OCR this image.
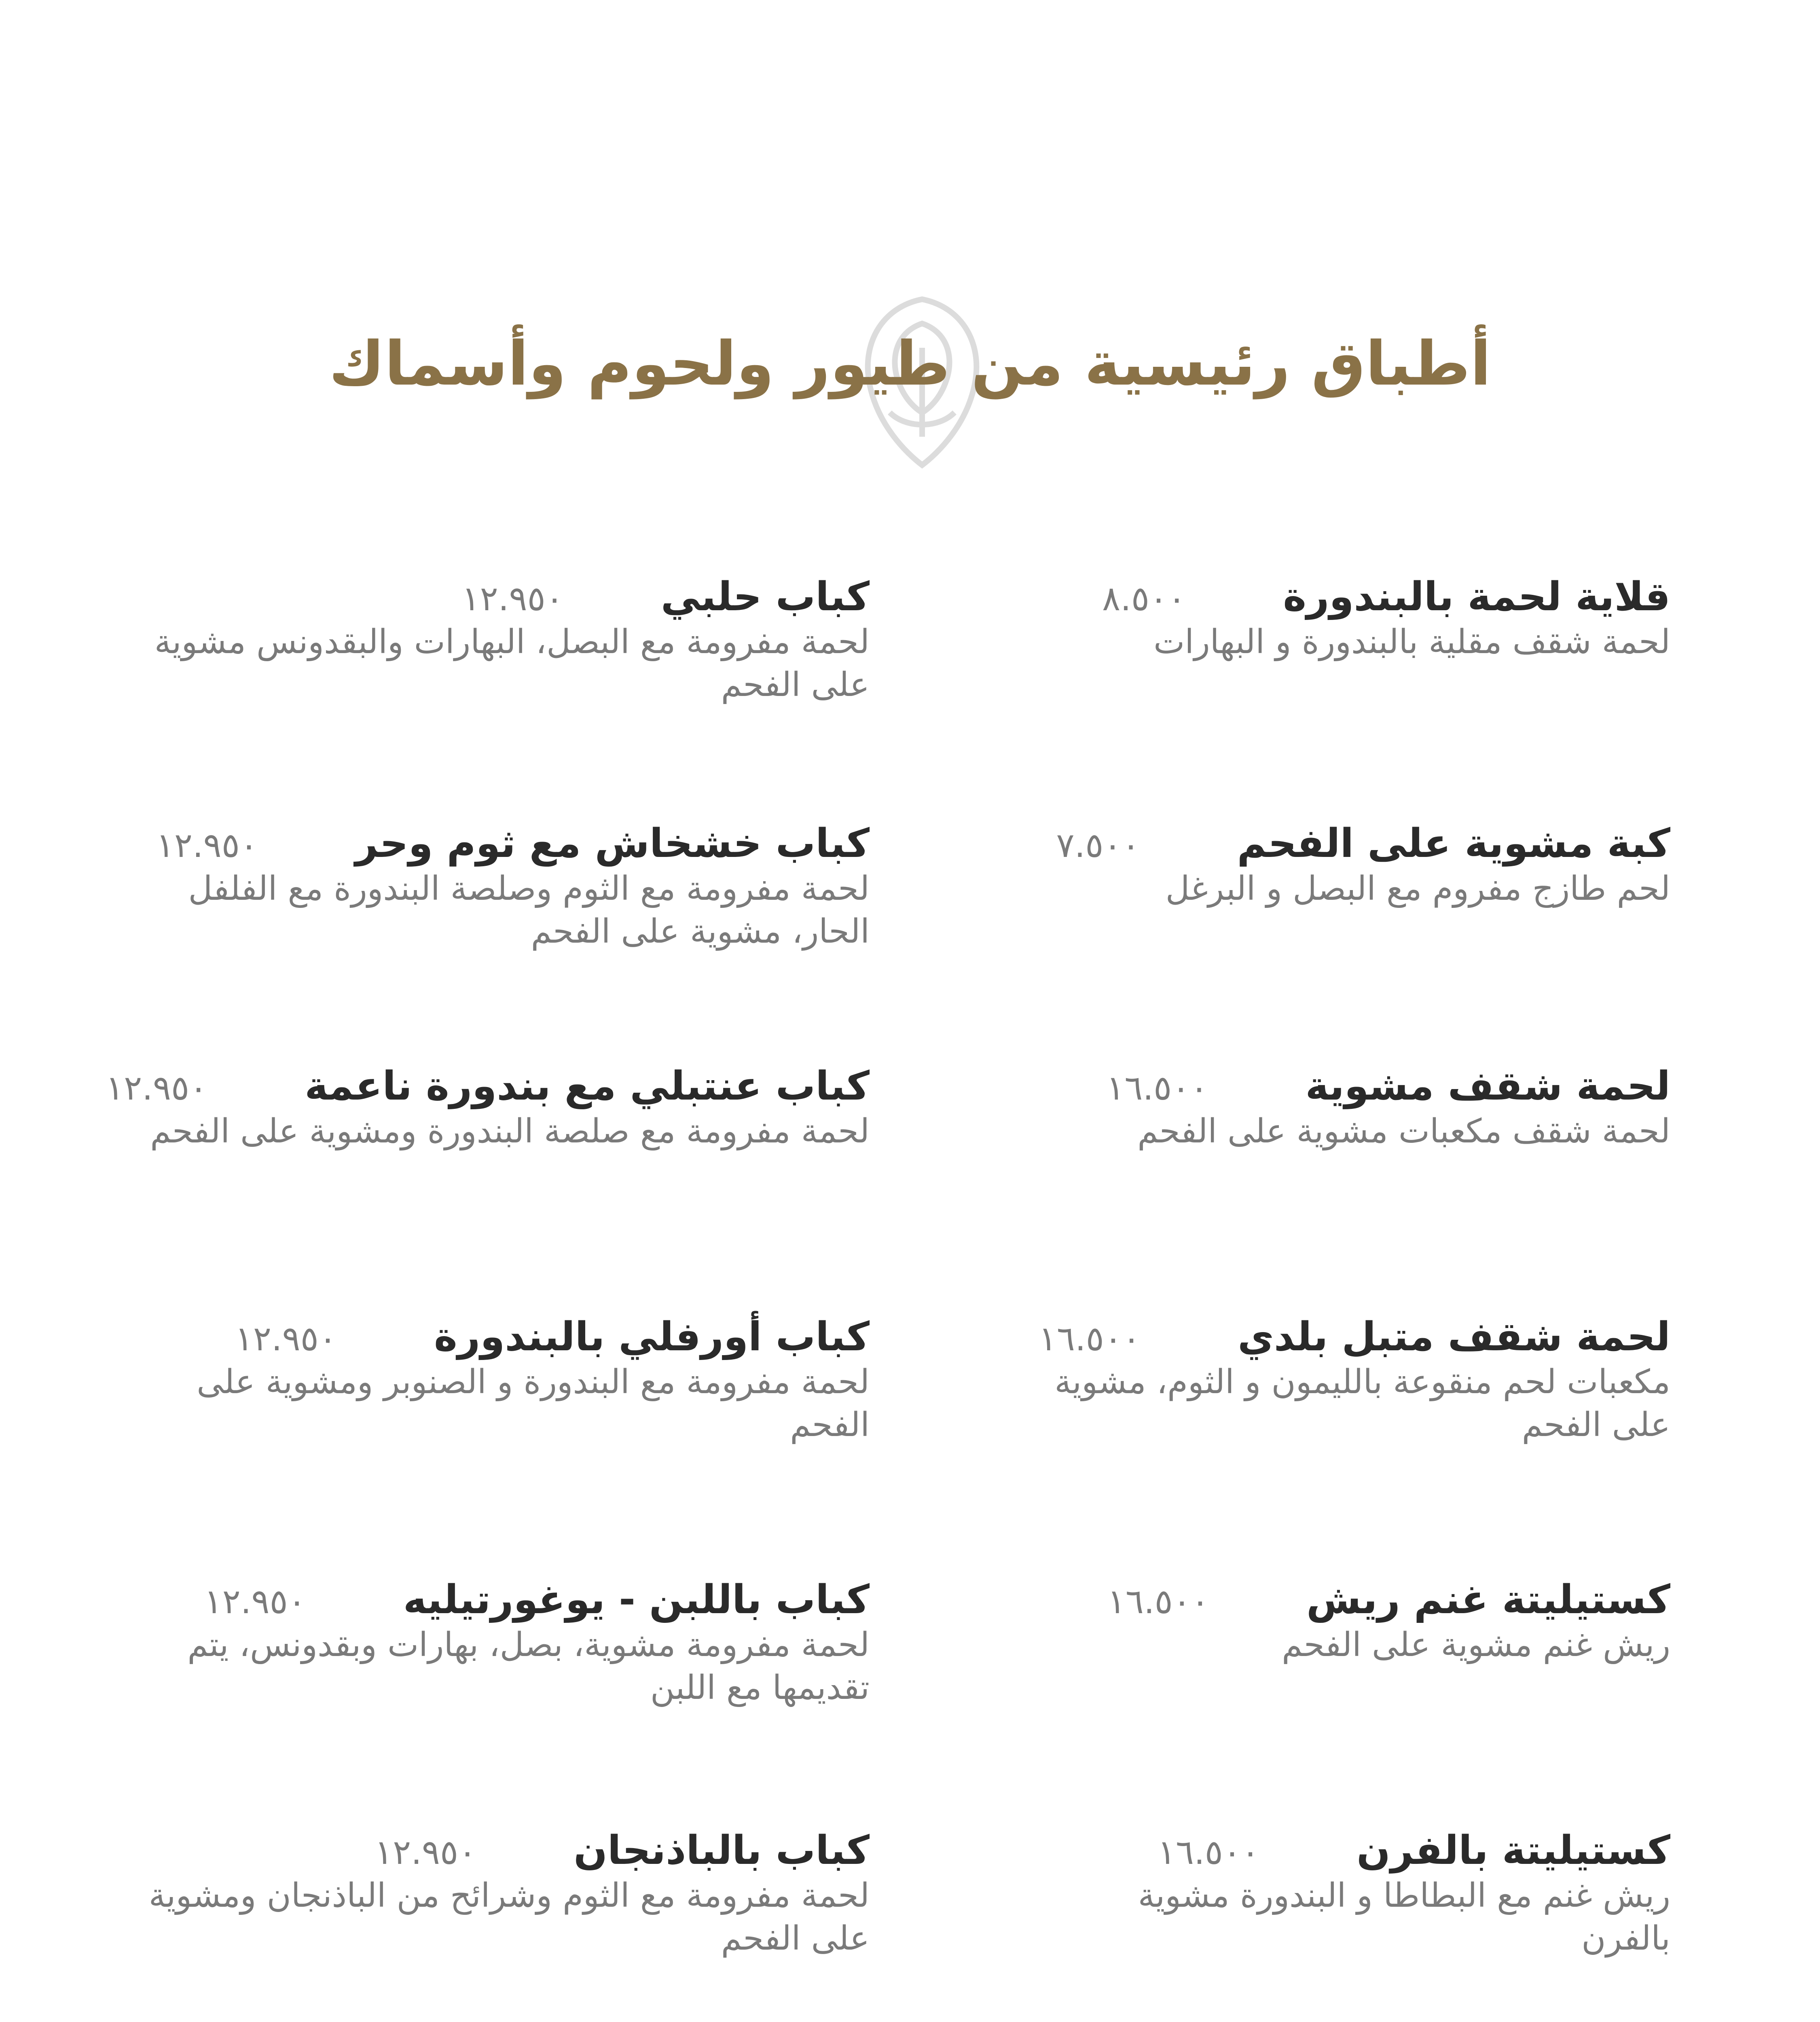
أطباق رئيسية من طيور ولحوم وأسماك
قلاية لحمة بالبندورة
٨.٥٠٠
لحمة شقف مقلية بالبندورة و البهارات
كبة مشوية على الفحم
٧.٥٠٠
لحم طازج مفروم مع البصل و البرغل
لحمة شقف مشوية
١٦.٥٠٠
لحمة شقف مكعبات مشوية على الفحم
لحمة شقف متبل بلدي
١٦.٥٠٠
مكعبات لحم منقوعة بالليمون و الثوم، مشوية على الفحم
كستيليتة غنم ريش
١٦.٥٠٠
ريش غنم مشوية على الفحم
كستيليتة بالفرن
١٦.٥٠٠
ريش غنم مع البطاطا و البندورة مشوية بالفرن
كباب حلبي
١٢.٩٥٠
لحمة مفرومة مع البصل، البهارات والبقدونس مشوية على الفحم
كباب خشخاش مع ثوم وحر
١٢.٩٥٠
لحمة مفرومة مع الثوم وصلصة البندورة مع الفلفل الحار، مشوية على الفحم
كباب عنتبلي مع بندورة ناعمة
١٢.٩٥٠
لحمة مفرومة مع صلصة البندورة ومشوية على الفحم
كباب أورفلي بالبندورة
١٢.٩٥٠
لحمة مفرومة مع البندورة و الصنوبر ومشوية على الفحم
كباب باللبن - يوغورتيليه
١٢.٩٥٠
لحمة مفرومة مشوية، بصل، بهارات وبقدونس، يتم تقديمها مع اللبن
كباب بالباذنجان
١٢.٩٥٠
لحمة مفرومة مع الثوم وشرائح من الباذنجان ومشوية على الفحم
